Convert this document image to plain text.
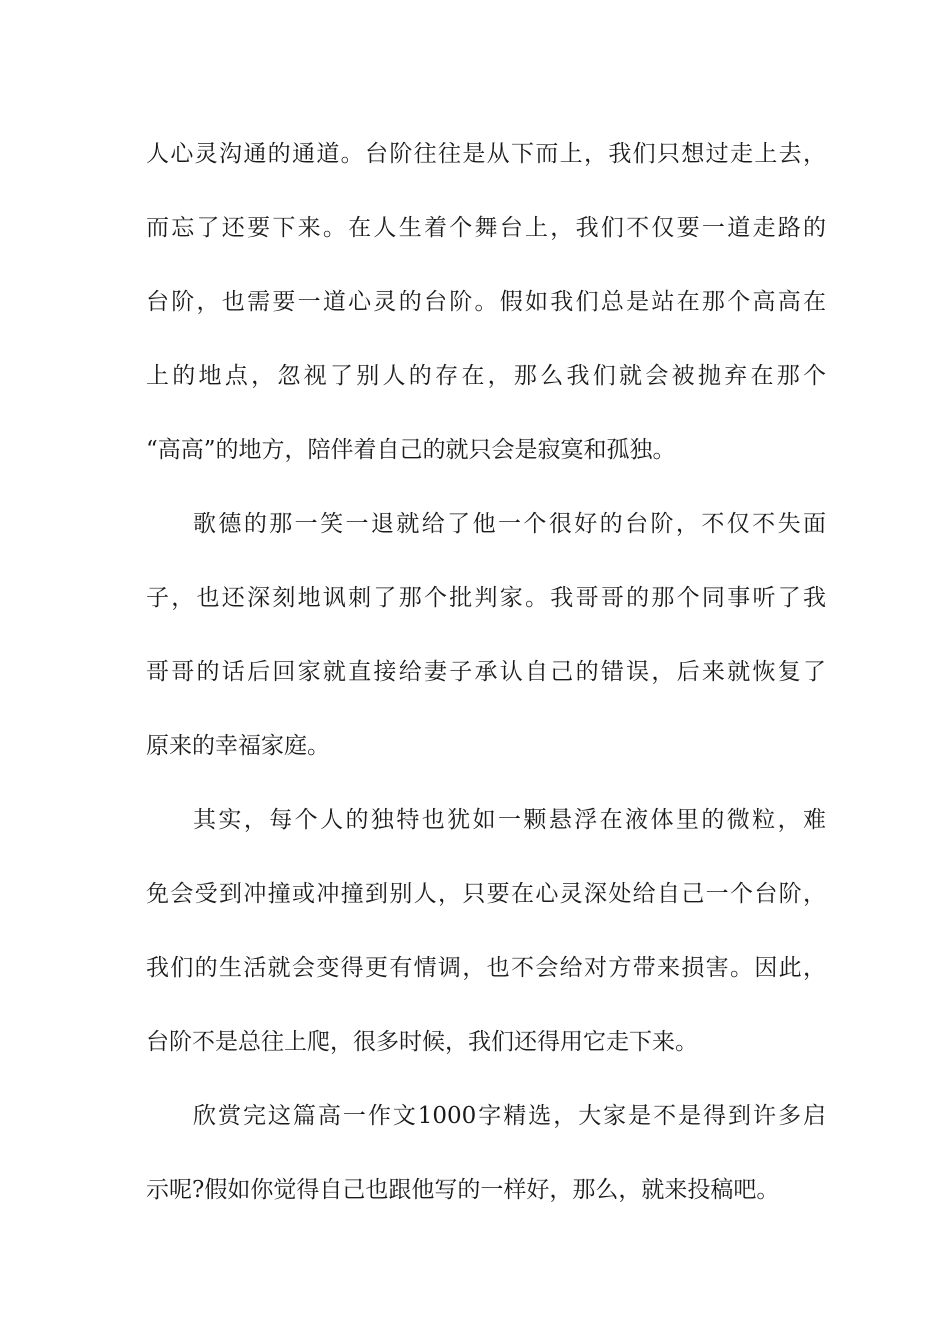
人心灵沟通的通道。台阶往往是从下而上，我们只想过走上去，
而忘了还要下来。在人生着个舞台上，我们不仅要一道走路的
台阶，也需要一道心灵的台阶。假如我们总是站在那个高高在
上的地点，忽视了别人的存在，那么我们就会被抛弃在那个
“高高”的地方，陪伴着自己的就只会是寂寞和孤独。
歌德的那一笑一退就给了他一个很好的台阶，不仅不失面
子，也还深刻地讽刺了那个批判家。我哥哥的那个同事听了我
哥哥的话后回家就直接给妻子承认自己的错误，后来就恢复了
原来的幸福家庭。
其实，每个人的独特也犹如一颗悬浮在液体里的微粒，难
免会受到冲撞或冲撞到别人，只要在心灵深处给自己一个台阶，
我们的生活就会变得更有情调，也不会给对方带来损害。因此，
台阶不是总往上爬，很多时候，我们还得用它走下来。
欣赏完这篇高一作文1000字精选，大家是不是得到许多启
示呢?假如你觉得自己也跟他写的一样好，那么，就来投稿吧。
